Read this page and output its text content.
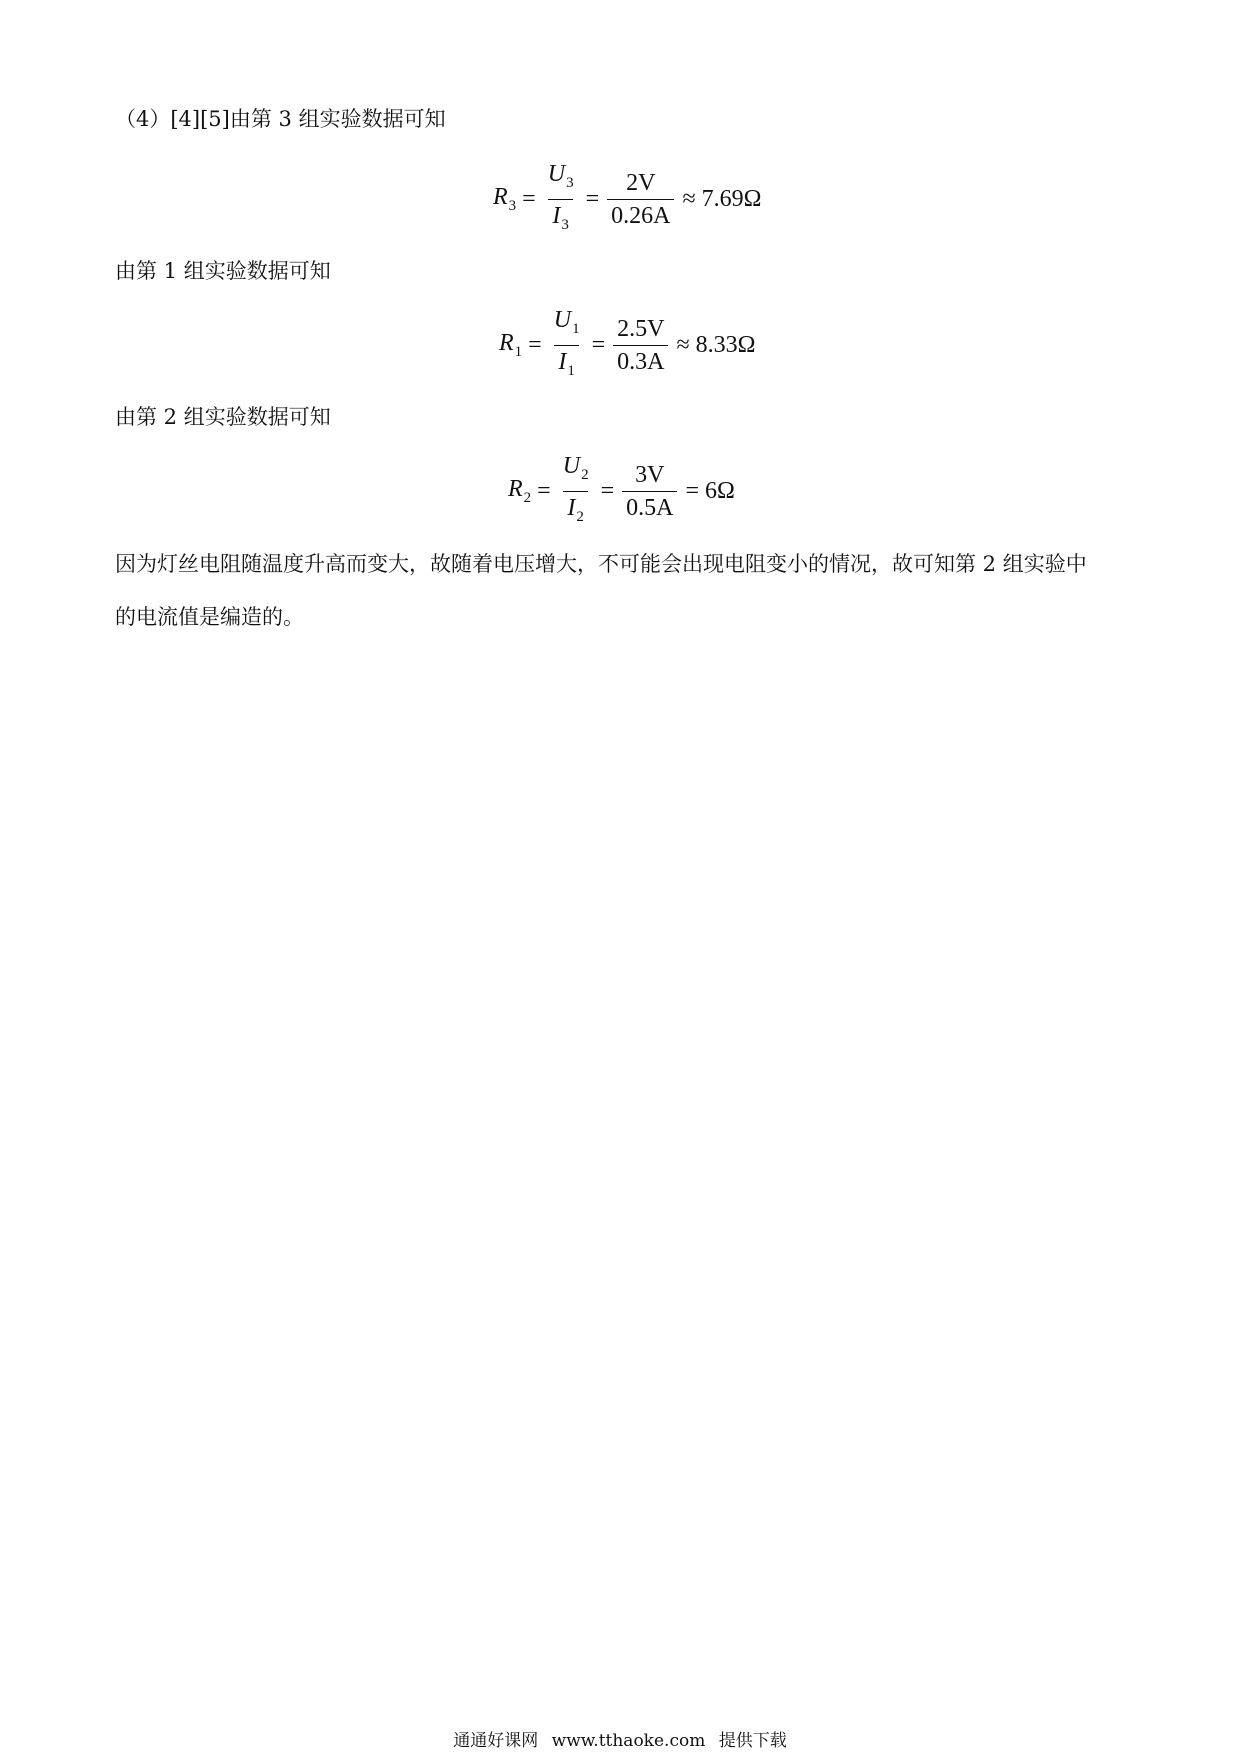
（4）[4][5]由第 3 组实验数据可知

$R_3 = \frac{U_3}{I_3} = \frac{2V}{0.26A} \approx 7.69\Omega$

由第 1 组实验数据可知

$R_1 = \frac{U_1}{I_1} = \frac{2.5V}{0.3A} \approx 8.33\Omega$

由第 2 组实验数据可知

$R_2 = \frac{U_2}{I_2} = \frac{3V}{0.5A} = 6\Omega$

因为灯丝电阻随温度升高而变大，故随着电压增大，不可能会出现电阻变小的情况，故可知第 2 组实验中

的电流值是编造的。

通通好课网 www.tthaoke.com 提供下载
